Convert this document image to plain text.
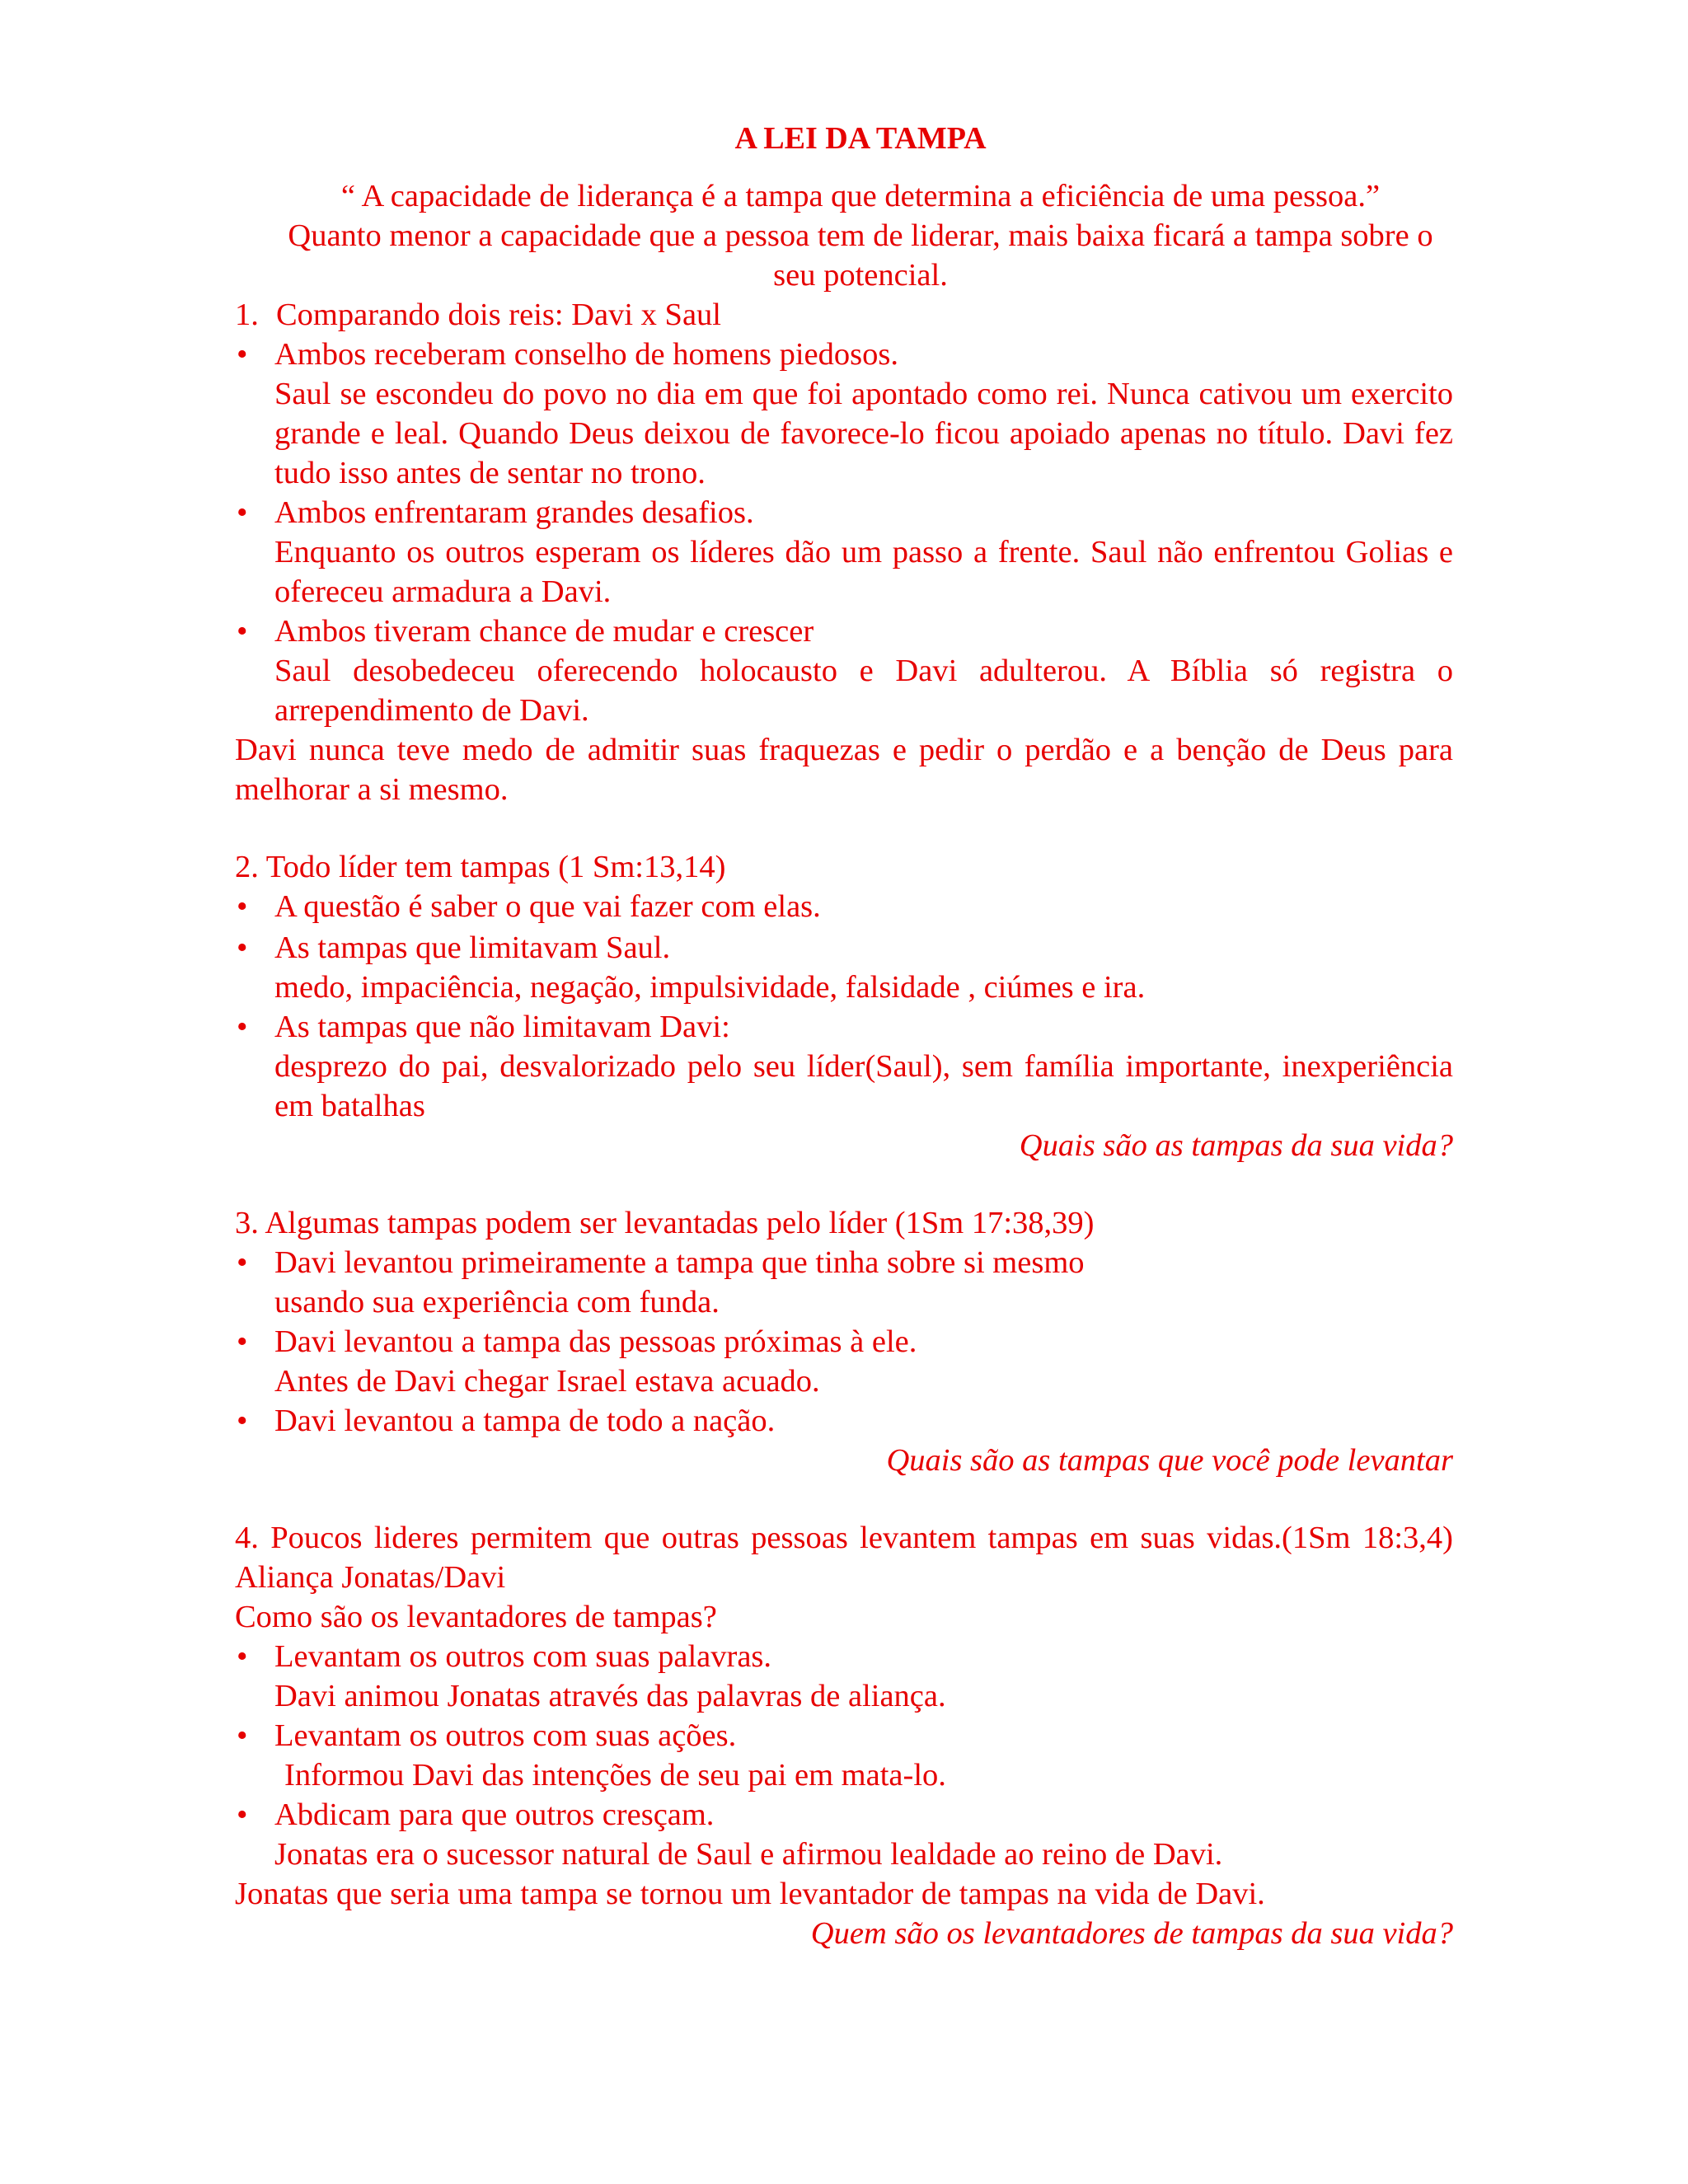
A LEI DA TAMPA
“ A capacidade de liderança é a tampa que determina a eficiência de uma pessoa.”
Quanto menor a capacidade que a pessoa tem de liderar, mais baixa ficará a tampa sobre o seu potencial.
1. Comparando dois reis: Davi x Saul
• Ambos receberam conselho de homens piedosos.
Saul se escondeu do povo no dia em que foi apontado como rei. Nunca cativou um exercito grande e leal. Quando Deus deixou de favorece-lo ficou apoiado apenas no título. Davi fez tudo isso antes de sentar no trono.
• Ambos enfrentaram grandes desafios.
Enquanto os outros esperam os líderes dão um passo a frente. Saul não enfrentou Golias e ofereceu armadura a Davi.
• Ambos tiveram chance de mudar e crescer
Saul desobedeceu oferecendo holocausto e Davi adulterou. A Bíblia só registra o arrependimento de Davi.
Davi nunca teve medo de admitir suas fraquezas e pedir o perdão e a benção de Deus para melhorar a si mesmo.
2. Todo líder tem tampas (1 Sm:13,14)
• A questão é saber o que vai fazer com elas.
• As tampas que limitavam Saul.
medo, impaciência, negação, impulsividade, falsidade , ciúmes e ira.
• As tampas que não limitavam Davi:
desprezo do pai, desvalorizado pelo seu líder(Saul), sem família importante, inexperiência em batalhas
Quais são as tampas da sua vida?
3. Algumas tampas podem ser levantadas pelo líder (1Sm 17:38,39)
• Davi levantou primeiramente a tampa que tinha sobre si mesmo
usando sua experiência com funda.
• Davi levantou a tampa das pessoas próximas à ele.
Antes de Davi chegar Israel estava acuado.
• Davi levantou a tampa de todo a nação.
Quais são as tampas que você pode levantar
4. Poucos lideres permitem que outras pessoas levantem tampas em suas vidas.(1Sm 18:3,4) Aliança Jonatas/Davi
Como são os levantadores de tampas?
• Levantam os outros com suas palavras.
Davi animou Jonatas através das palavras de aliança.
• Levantam os outros com suas ações.
Informou Davi das intenções de seu pai em mata-lo.
• Abdicam para que outros cresçam.
Jonatas era o sucessor natural de Saul e afirmou lealdade ao reino de Davi.
Jonatas que seria uma tampa se tornou um levantador de tampas na vida de Davi.
Quem são os levantadores de tampas da sua vida?
